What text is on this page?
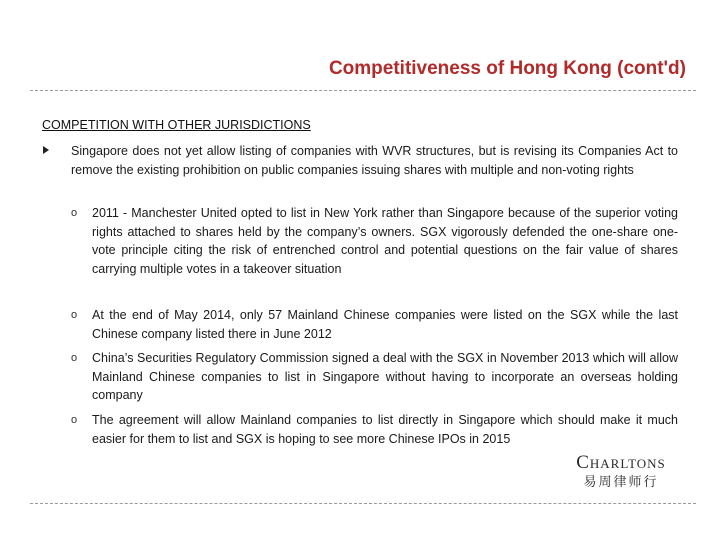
Competitiveness of Hong Kong (cont'd)
COMPETITION WITH OTHER JURISDICTIONS

Singapore does not yet allow listing of companies with WVR structures, but is revising its Companies Act to remove the existing prohibition on public companies issuing shares with multiple and non-voting rights

o 2011 - Manchester United opted to list in New York rather than Singapore because of the superior voting rights attached to shares held by the company’s owners. SGX vigorously defended the one-share one-vote principle citing the risk of entrenched control and potential questions on the fair value of shares carrying multiple votes in a takeover situation

o At the end of May 2014, only 57 Mainland Chinese companies were listed on the SGX while the last Chinese company listed there in June 2012

o China’s Securities Regulatory Commission signed a deal with the SGX in November 2013 which will allow Mainland Chinese companies to list in Singapore without having to incorporate an overseas holding company

o The agreement will allow Mainland companies to list directly in Singapore which should make it much easier for them to list and SGX is hoping to see more Chinese IPOs in 2015

Charltons
易周律师行
